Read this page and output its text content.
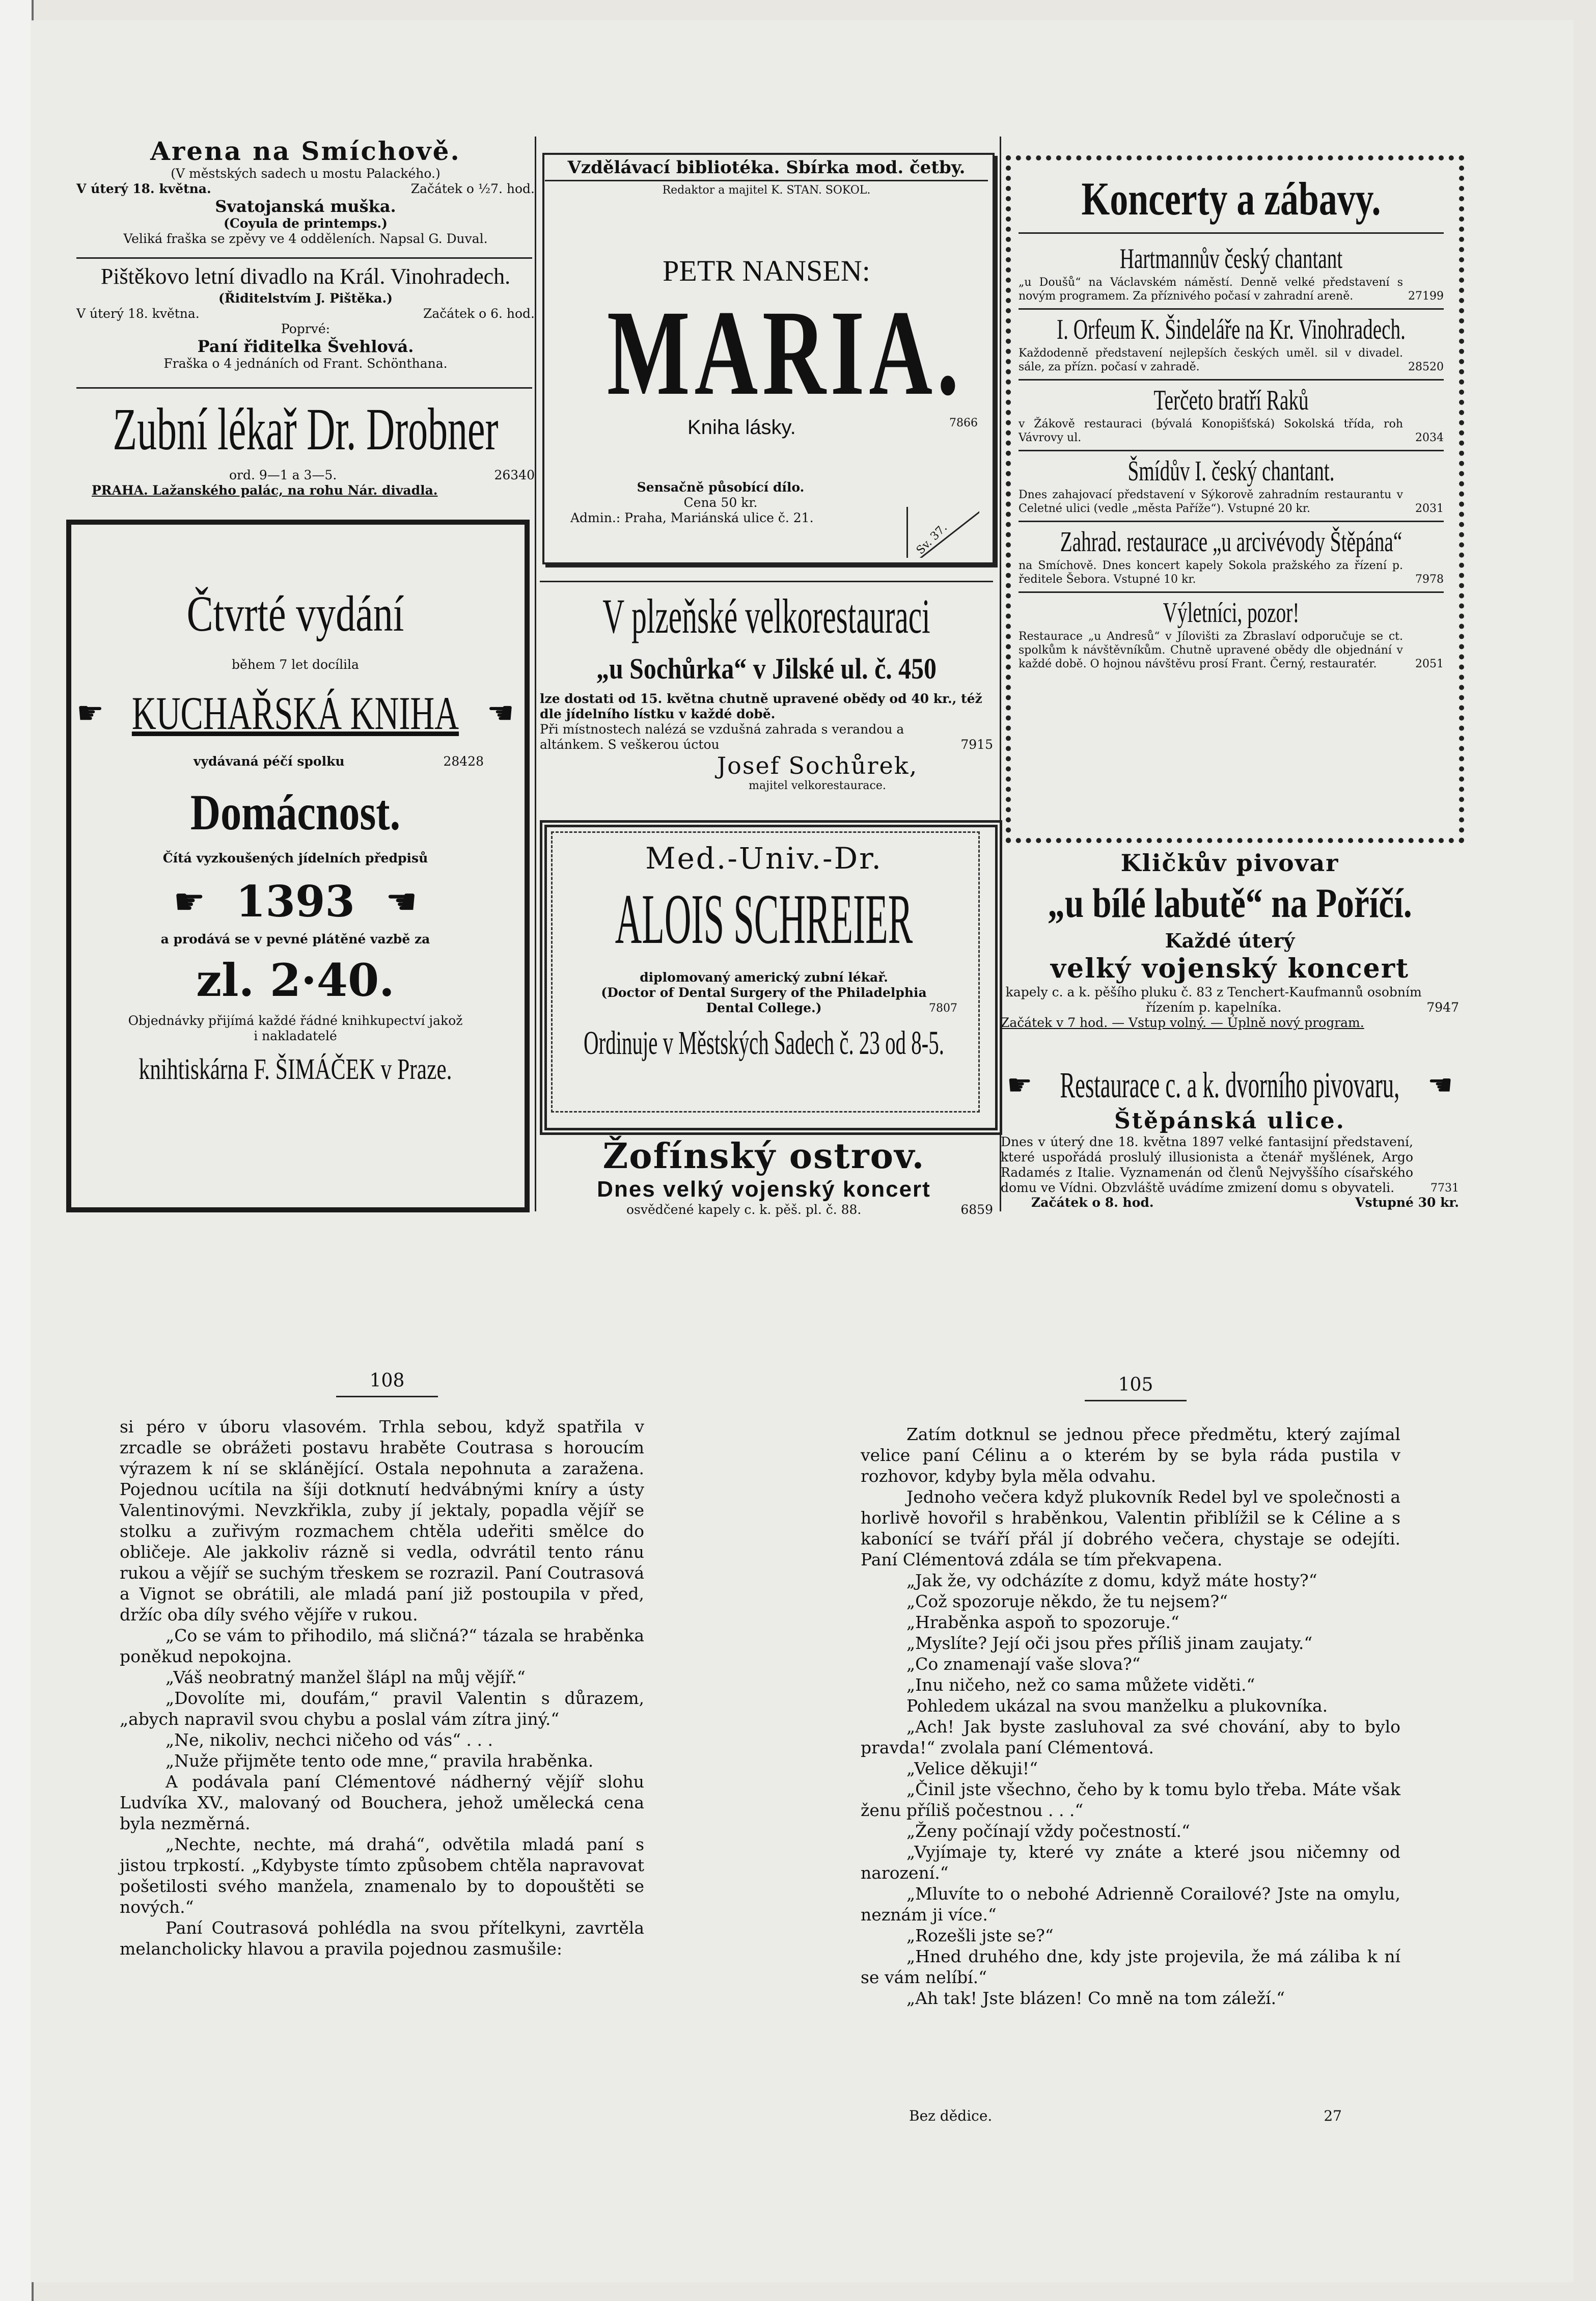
Arena na Smíchově.
(V městských sadech u mostu Palackého.)
V úterý 18. května.	Začátek o ½7. hod.
Svatojanská muška.
(Coyula de printemps.)
Veliká fraška se zpěvy ve 4 odděleních. Napsal G. Duval.
Pištěkovo letní divadlo na Král. Vinohradech.
(Řiditelstvím J. Pištěka.)
V úterý 18. května.	Začátek o 6. hod.
Poprvé:
Paní řiditelka Švehlová.
Fraška o 4 jednáních od Frant. Schönthana.
Zubní lékař Dr. Drobner
ord. 9—1 a 3—5.	26340
PRAHA. Lažanského palác, na rohu Nár. divadla.
Čtvrté vydání
během 7 let docílila
☛ KUCHAŘSKÁ KNIHA ☛
vydávaná péčí spolku	28428
Domácnost.
Čítá vyzkoušených jídelních předpisů
☛ 1393 ☛
a prodává se v pevné plátěné vazbě za
zl. 2·40.
Objednávky přijímá každé řádné knihkupectví jakož i nakladatelé
knihtiskárna F. ŠIMÁČEK v Praze.
Vzdělávací bibliotéka. Sbírka mod. četby.
Redaktor a majitel K. STAN. SOKOL.
PETR NANSEN:
MARIA.
Kniha lásky.	7866
Sensačně působící dílo.
Cena 50 kr.
Admin.: Praha, Mariánská ulice č. 21.
Sv. 37.
V plzeňské velkorestauraci
„u Sochůrka“ v Jilské ul. č. 450
lze dostati od 15. května chutně upravené obědy od 40 kr., též dle jídelního lístku v každé době.
Při místnostech nalézá se vzdušná zahrada s verandou a altánkem. S veškerou úctou	7915
Josef Sochůrek,
majitel velkorestaurace.
Med.-Univ.-Dr.
ALOIS SCHREIER
diplomovaný americký zubní lékař.
(Doctor of Dental Surgery of the Philadelphia Dental College.)	7807
Ordinuje v Městských Sadech č. 23 od 8-5.
Žofínský ostrov.
Dnes velký vojenský koncert
osvědčené kapely c. k. pěš. pl. č. 88.	6859
Koncerty a zábavy.
Hartmannův český chantant
„u Doušů“ na Václavském náměstí. Denně velké představení s novým programem. Za příznivého počasí v zahradní areně.	27199
I. Orfeum K. Šindeláře na Kr. Vinohradech.
Každodenně představení nejlepších českých uměl. sil v divadel. sále, za přízn. počasí v zahradě.	28520
Terčeto bratří Raků
v Žákově restauraci (bývalá Konopišťská) Sokolská třída, roh Vávrovy ul.	2034
Šmídův I. český chantant.
Dnes zahajovací představení v Sýkorově zahradním restaurantu v Celetné ulici (vedle „města Paříže“). Vstupné 20 kr.	2031
Zahrad. restaurace „u arcivévody Štěpána“
na Smíchově. Dnes koncert kapely Sokola pražského za řízení p. ředitele Šebora. Vstupné 10 kr.	7978
Výletníci, pozor!
Restaurace „u Andresů“ v Jílovišti za Zbraslaví odporučuje se ct. spolkům k návštěvníkům. Chutně upravené obědy dle objednání v každé době. O hojnou návštěvu prosí Frant. Černý, restauratér.	2051
Kličkův pivovar
„u bílé labutě“ na Poříčí.
Každé úterý
velký vojenský koncert
kapely c. a k. pěšího pluku č. 83 z Tenchert-Kaufmannů osobním řízením p. kapelníka.	7947
Začátek v 7 hod. — Vstup volný. — Úplně nový program.
☛ Restaurace c. a k. dvorního pivovaru, ☛
Štěpánská ulice.
Dnes v úterý dne 18. května 1897 velké fantasijní představení, které uspořádá proslulý illusionista a čtenář myšlének, Argo Radamés z Italie. Vyznamenán od členů Nejvyššího císařského domu ve Vídni. Obzvláště uvádíme zmizení domu s obyvateli.	7731
Začátek o 8. hod.	Vstupné 30 kr.
108

si péro v úboru vlasovém. Trhla sebou, když spatřila v zrcadle se obrážeti postavu hraběte Coutrasa s horoucím výrazem k ní se sklánějící. Ostala nepohnuta a zaražena. Pojednou ucítila na šíji dotknutí hedvábnými kníry a ústy Valentinovými. Nevzkřikla, zuby jí jektaly, popadla vějíř se stolku a zuřivým rozmachem chtěla udeřiti smělce do obličeje. Ale jakkoliv rázně si vedla, odvrátil tento ránu rukou a vějíř se suchým třeskem se rozrazil. Paní Coutrasová a Vignot se obrátili, ale mladá paní již postoupila v před, držíc oba díly svého vějíře v rukou.

„Co se vám to přihodilo, má sličná?“ tázala se hraběnka poněkud nepokojna.

„Váš neobratný manžel šlápl na můj vějíř.“

„Dovolíte mi, doufám,“ pravil Valentin s důrazem, „abych napravil svou chybu a poslal vám zítra jiný.“

„Ne, nikoliv, nechci ničeho od vás“ . . .

„Nuže přijměte tento ode mne,“ pravila hraběnka.

A podávala paní Clémentové nádherný vějíř slohu Ludvíka XV., malovaný od Bouchera, jehož umělecká cena byla nezměrná.

„Nechte, nechte, má drahá“, odvětila mladá paní s jistou trpkostí. „Kdybyste tímto způsobem chtěla napravovat pošetilosti svého manžela, znamenalo by to dopouštěti se nových.“

Paní Coutrasová pohlédla na svou přítelkyni, zavrtěla melancholicky hlavou a pravila pojednou zasmušile:

105

Zatím dotknul se jednou přece předmětu, který zajímal velice paní Célinu a o kterém by se byla ráda pustila v rozhovor, kdyby byla měla odvahu.

Jednoho večera když plukovník Redel byl ve společnosti a horlivě hovořil s hraběnkou, Valentin přiblížil se k Céline a s kabonící se tváří přál jí dobrého večera, chystaje se odejíti. Paní Clémentová zdála se tím překvapena.

„Jak že, vy odcházíte z domu, když máte hosty?“

„Což spozoruje někdo, že tu nejsem?“

„Hraběnka aspoň to spozoruje.“

„Myslíte? Její oči jsou přes příliš jinam zaujaty.“

„Co znamenají vaše slova?“

„Inu ničeho, než co sama můžete viděti.“

Pohledem ukázal na svou manželku a plukovníka.

„Ach! Jak byste zasluhoval za své chování, aby to bylo pravda!“ zvolala paní Clémentová.

„Velice děkuji!“

„Činil jste všechno, čeho by k tomu bylo třeba. Máte však ženu příliš počestnou . . .“

„Ženy počínají vždy počestností.“

„Vyjímaje ty, které vy znáte a které jsou ničemny od narození.“

„Mluvíte to o nebohé Adrienně Corailové? Jste na omylu, neznám ji více.“

„Rozešli jste se?“

„Hned druhého dne, kdy jste projevila, že má záliba k ní se vám nelíbí.“

„Ah tak! Jste blázen! Co mně na tom záleží.“

Bez dědice.	27
